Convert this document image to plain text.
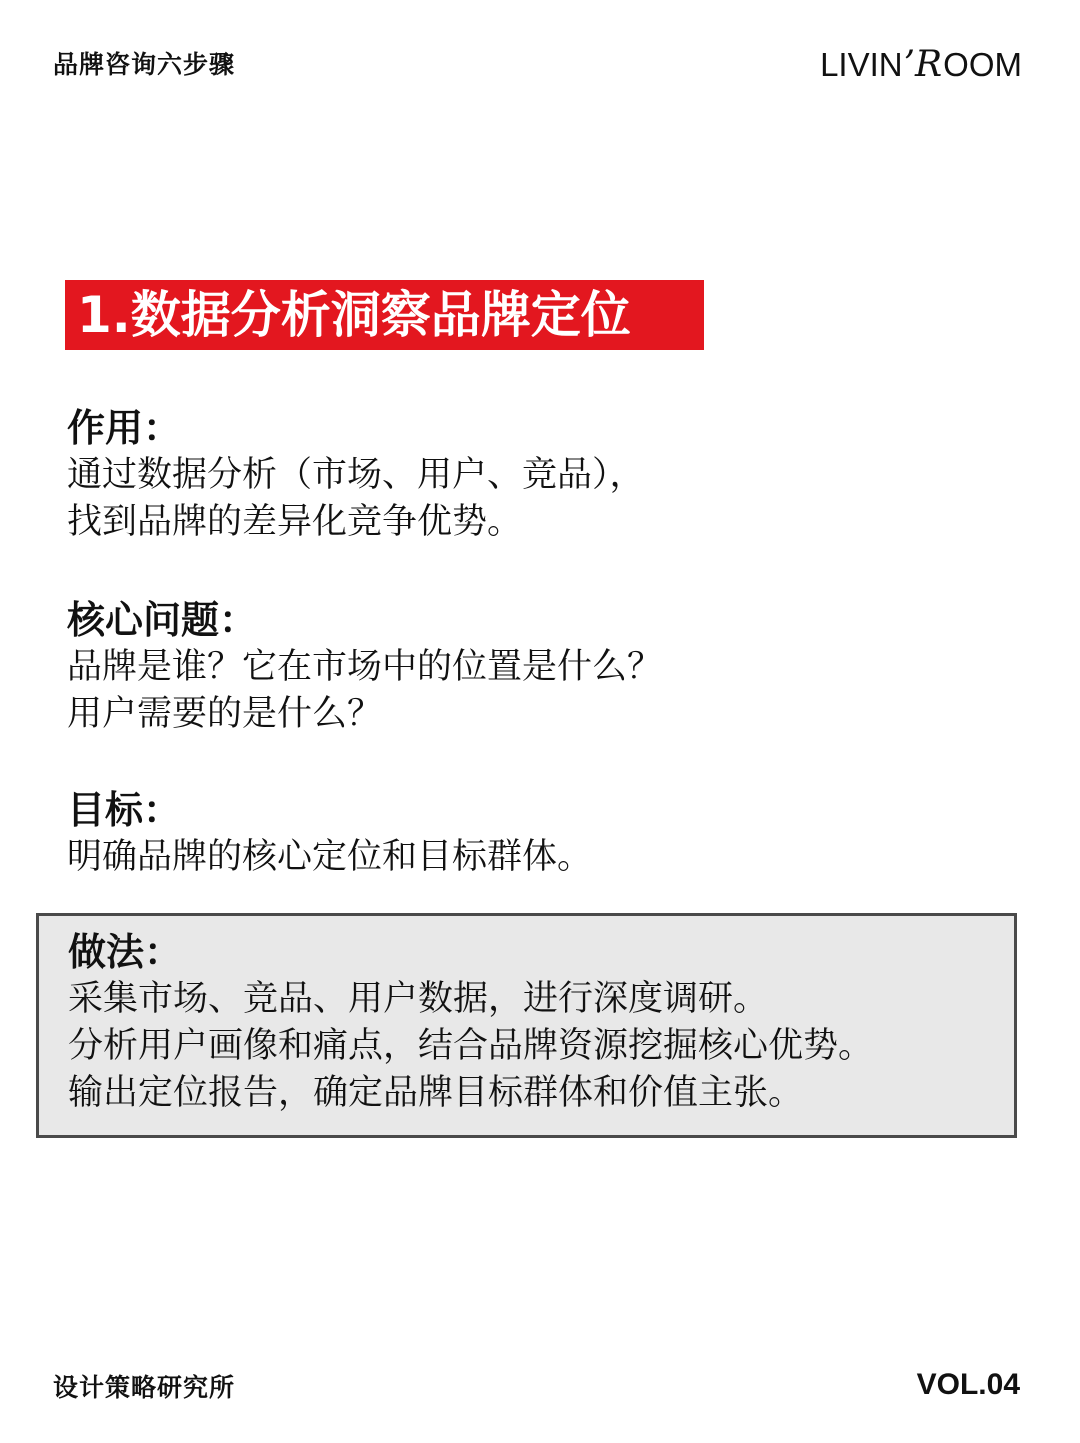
品牌咨询六步骤	LIVIN ’R OOM
1.数据分析洞察品牌定位
作用：
通过数据分析（市场、用户、竞品），
找到品牌的差异化竞争优势。
核心问题：
品牌是谁？它在市场中的位置是什么？
用户需要的是什么？
目标：
明确品牌的核心定位和目标群体。
做法：
采集市场、竞品、用户数据，进行深度调研。
分析用户画像和痛点，结合品牌资源挖掘核心优势。
输出定位报告，确定品牌目标群体和价值主张。
设计策略研究所	VOL.04
